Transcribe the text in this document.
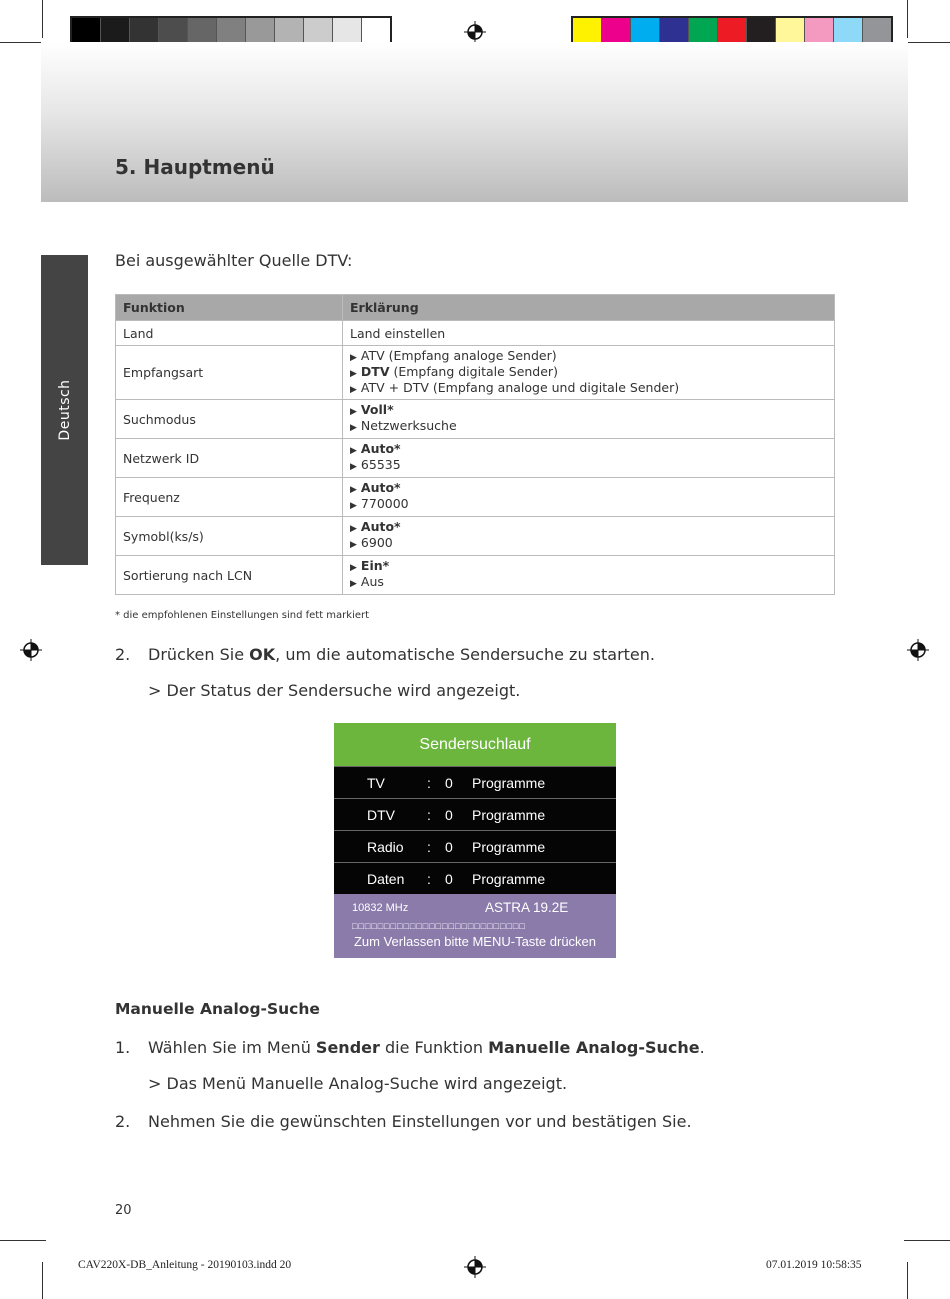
5. Hauptmenü
Deutsch
Bei ausgewählter Quelle DTV:
Funktion	Erklärung
Land	Land einstellen
Empfangsart	▶ ATV (Empfang analoge Sender)
▶ DTV (Empfang digitale Sender)
▶ ATV + DTV (Empfang analoge und digitale Sender)

Suchmodus	▶ Voll*
▶ Netzwerksuche

Netzwerk ID	▶ Auto*
▶ 65535

Frequenz	▶ Auto*
▶ 770000

Symobl(ks/s)	▶ Auto*
▶ 6900

Sortierung nach LCN	▶ Ein*
▶ Aus
* die empfohlenen Einstellungen sind fett markiert
2. Drücken Sie OK, um die automatische Sendersuche zu starten.
> Der Status der Sendersuche wird angezeigt.
Sendersuchlauf
TV	: 0 Programme
DTV : 0 Programme
Radio : 0 Programme
Daten : 0 Programme
10832 MHz	ASTRA 19.2E
□□□□□□□□□□□□□□□□□□□□□□□□□□□
Zum Verlassen bitte MENU-Taste drücken
Manuelle Analog-Suche
1. Wählen Sie im Menü Sender die Funktion Manuelle Analog-Suche.
> Das Menü Manuelle Analog-Suche wird angezeigt.
2. Nehmen Sie die gewünschten Einstellungen vor und bestätigen Sie.
20
CAV220X-DB_Anleitung - 20190103.indd 20	07.01.2019 10:58:35
